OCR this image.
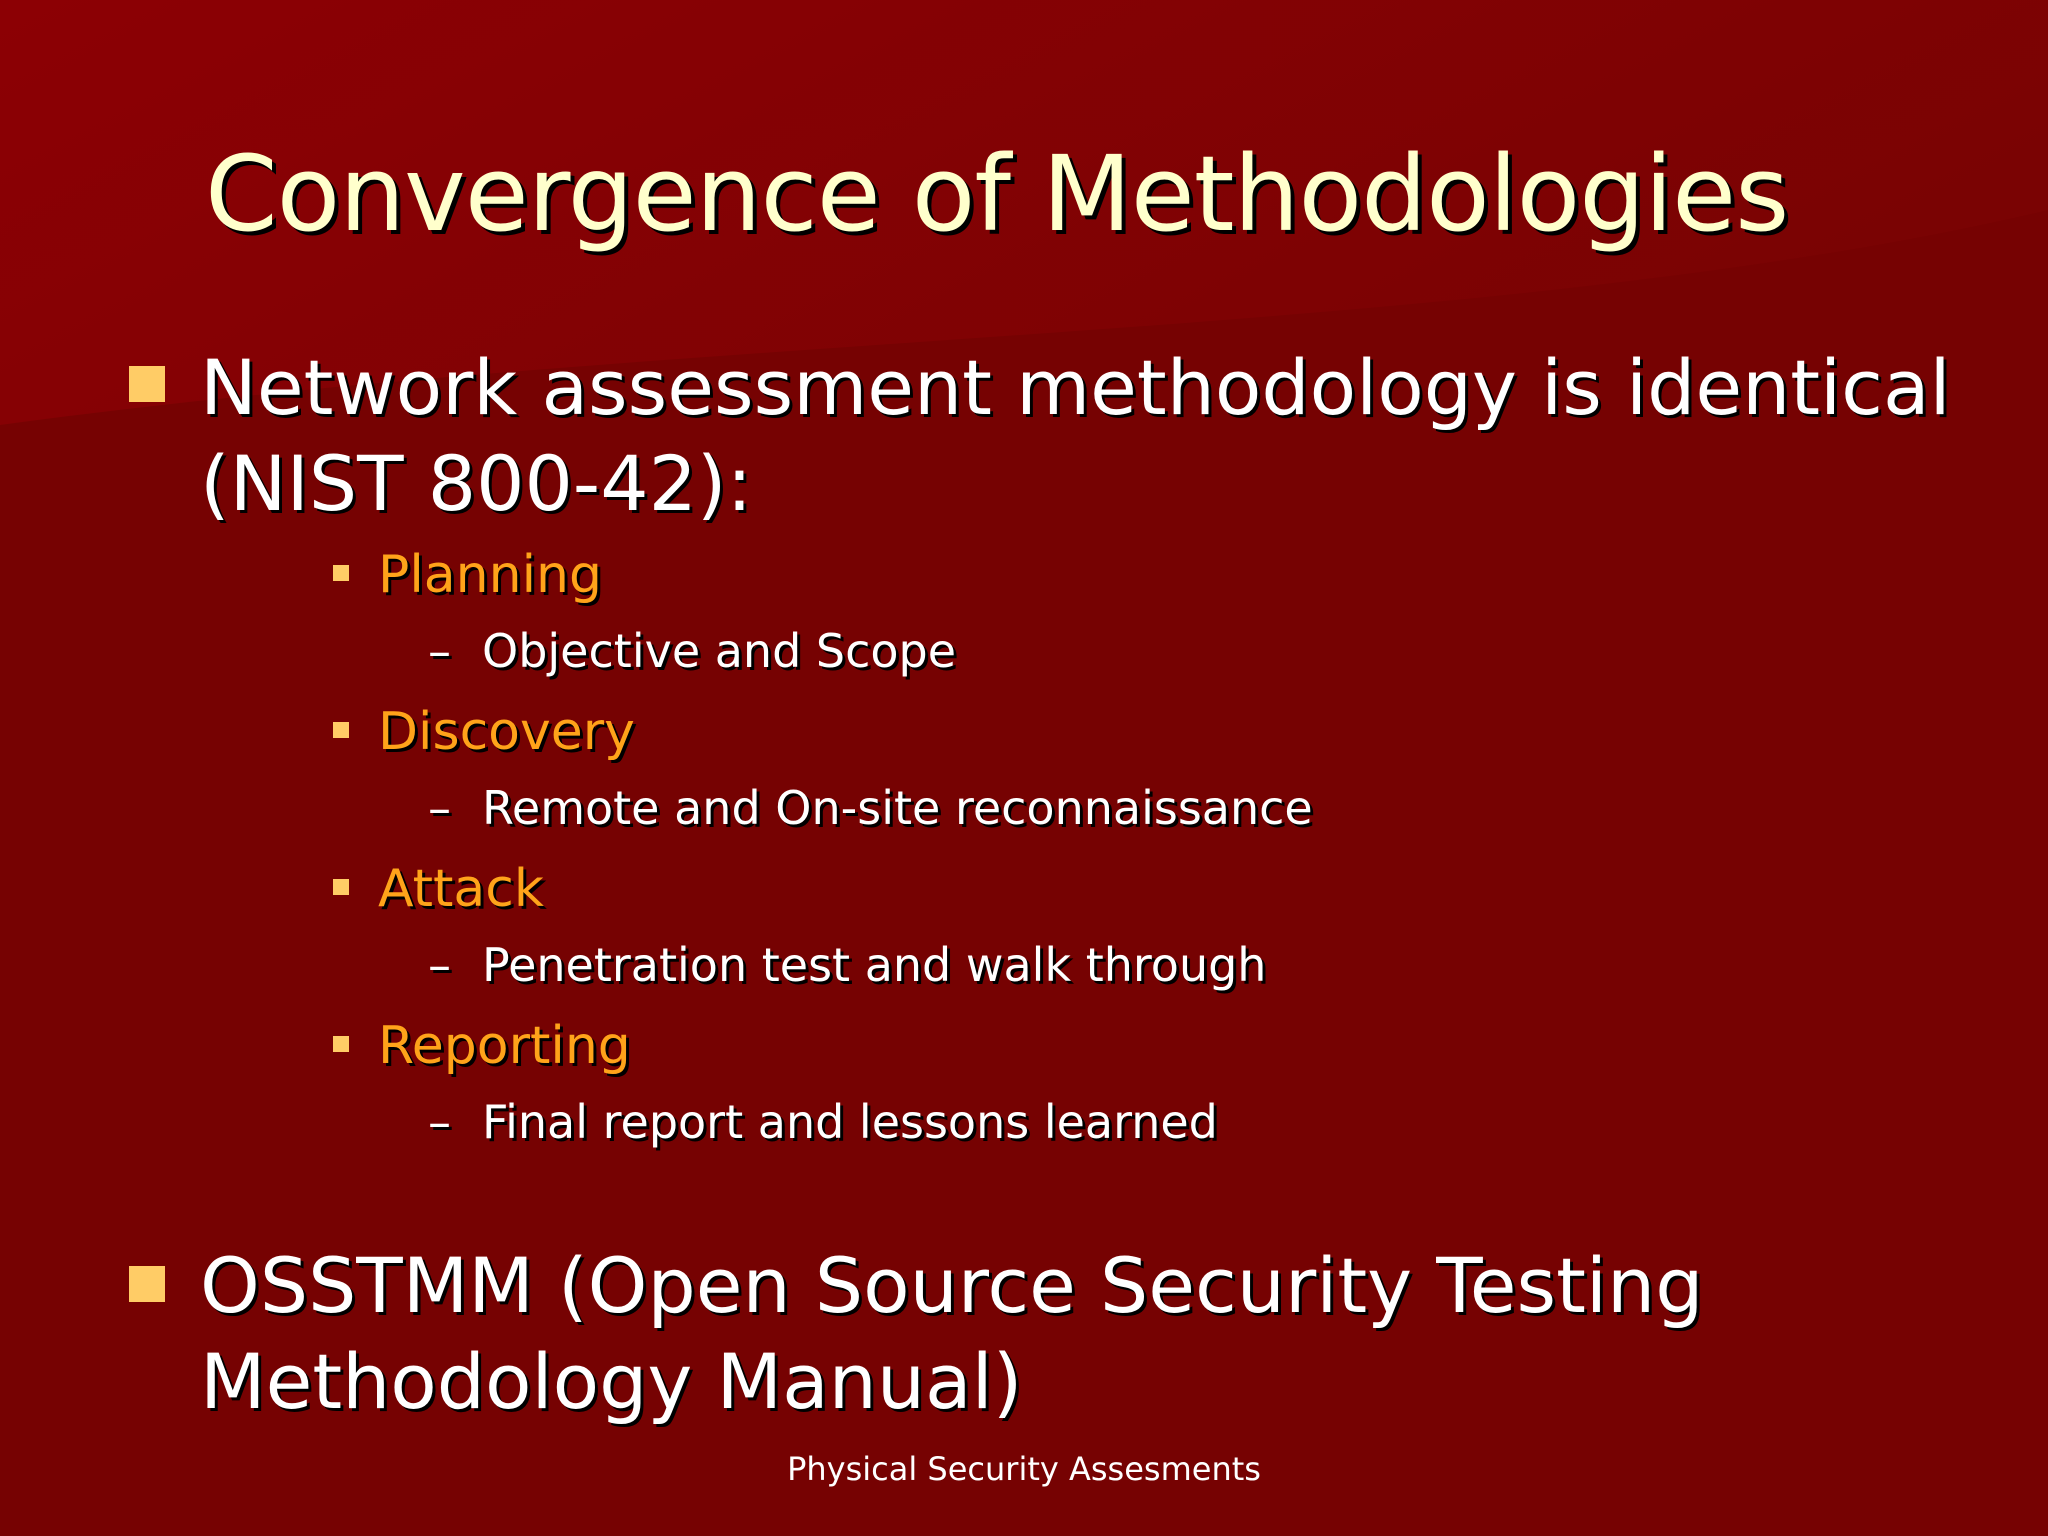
Convergence of Methodologies

Network assessment methodology is identical
(NIST 800-42):

Planning

– Objective and Scope

Discovery

– Remote and On-site reconnaissance

Attack

– Penetration test and walk through

Reporting

– Final report and lessons learned

OSSTMM (Open Source Security Testing
Methodology Manual)

Physical Security Assesments
